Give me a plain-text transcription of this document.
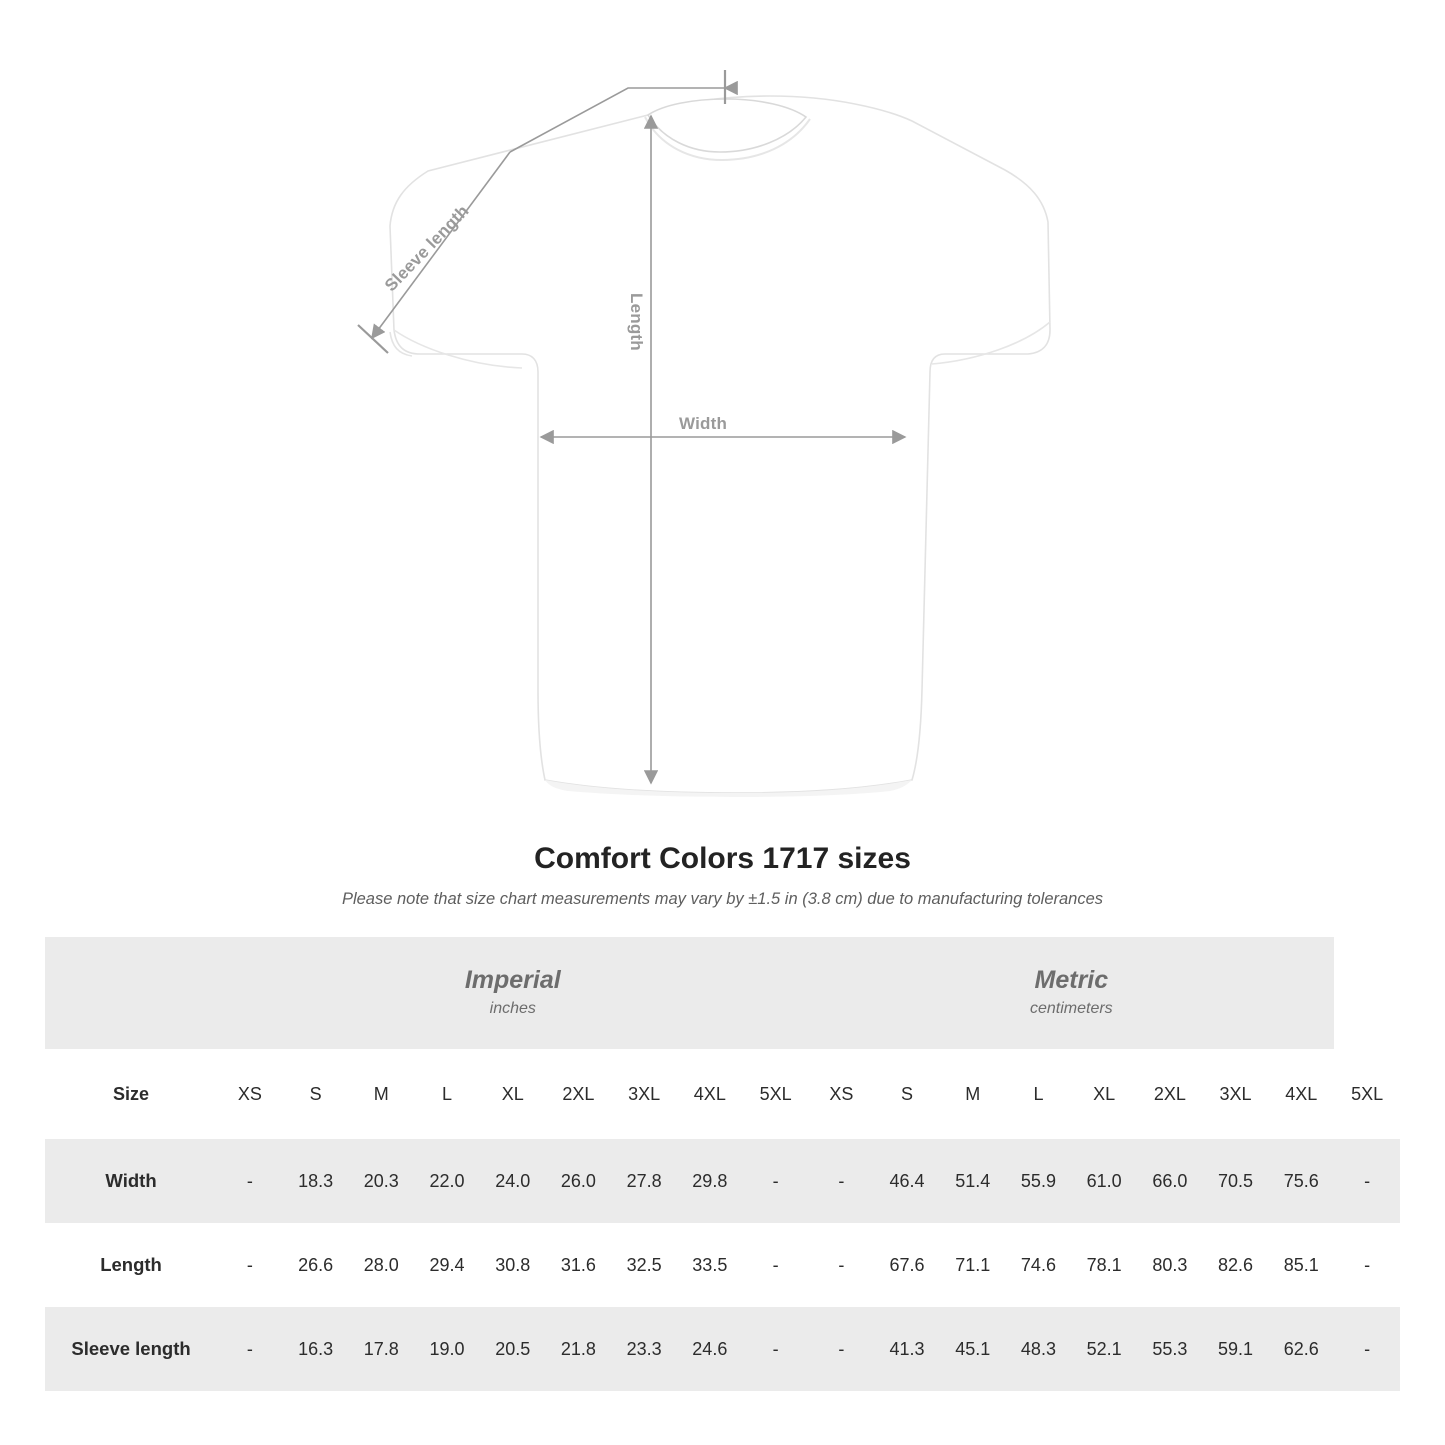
Width
Length
Sleeve length
Comfort Colors 1717 sizes

Please note that size chart measurements may vary by ±1.5 in (3.8 cm) due to manufacturing tolerances

Imperial
inches

Metric
centimeters

Size	XS	S	M	L	XL	2XL	3XL	4XL	5XL	XS	S	M	L	XL	2XL	3XL	4XL	5XL
Width	-	18.3	20.3	22.0	24.0	26.0	27.8	29.8	-	-	46.4	51.4	55.9	61.0	66.0	70.5	75.6	-
Length	-	26.6	28.0	29.4	30.8	31.6	32.5	33.5	-	-	67.6	71.1	74.6	78.1	80.3	82.6	85.1	-
Sleeve length	-	16.3	17.8	19.0	20.5	21.8	23.3	24.6	-	-	41.3	45.1	48.3	52.1	55.3	59.1	62.6	-
